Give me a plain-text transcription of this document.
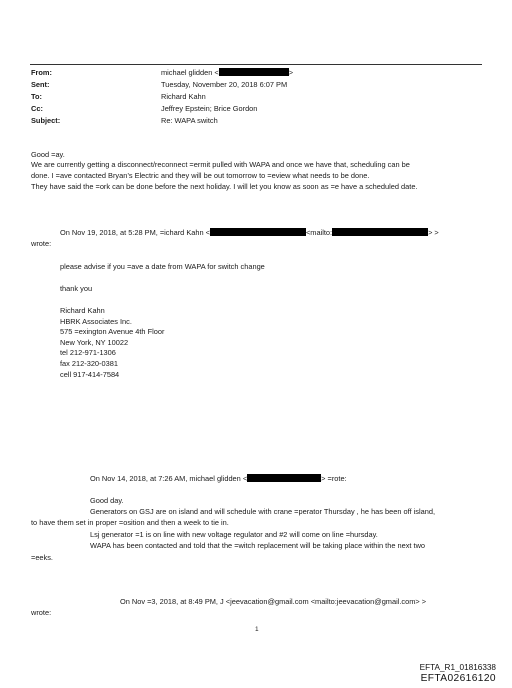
From:	michael glidden <	>
Sent:	Tuesday, November 20, 2018 6:07 PM
To:	Richard Kahn
Cc:	Jeffrey Epstein; Brice Gordon
Subject:	Re: WAPA switch
Good =ay.
We are currently getting a disconnect/reconnect =ermit pulled with WAPA and once we have that, scheduling can be
done. I =ave contacted Bryan’s Electric and they will be out tomorrow to =eview what needs to be done.
They have said the =ork can be done before the next holiday. I will let you know as soon as =e have a scheduled date.
On Nov 19, 2018, at 5:28 PM, =ichard Kahn <	<mailto:	> >
wrote:
please advise if you =ave a date from WAPA for switch change
thank you
Richard Kahn
HBRK Associates Inc.
575 =exington Avenue 4th Floor
New York, NY 10022
tel 212-971-1306
fax 212-320-0381
cell 917-414-7584
On Nov 14, 2018, at 7:26 AM, michael glidden <	> =rote:
Good day.
Generators on GSJ are on island and will schedule with crane =perator Thursday , he has been off island,
to have them set in proper =osition and then a week to tie in.
Lsj generator =1 is on line with new voltage regulator and #2 will come on line =hursday.
WAPA has been contacted and told that the =witch replacement will be taking place within the next two
=eeks.
On Nov =3, 2018, at 8:49 PM, J <jeevacation@gmail.com <mailto:jeevacation@gmail.com> >
wrote:
1
EFTA_R1_01816338
EFTA02616120
